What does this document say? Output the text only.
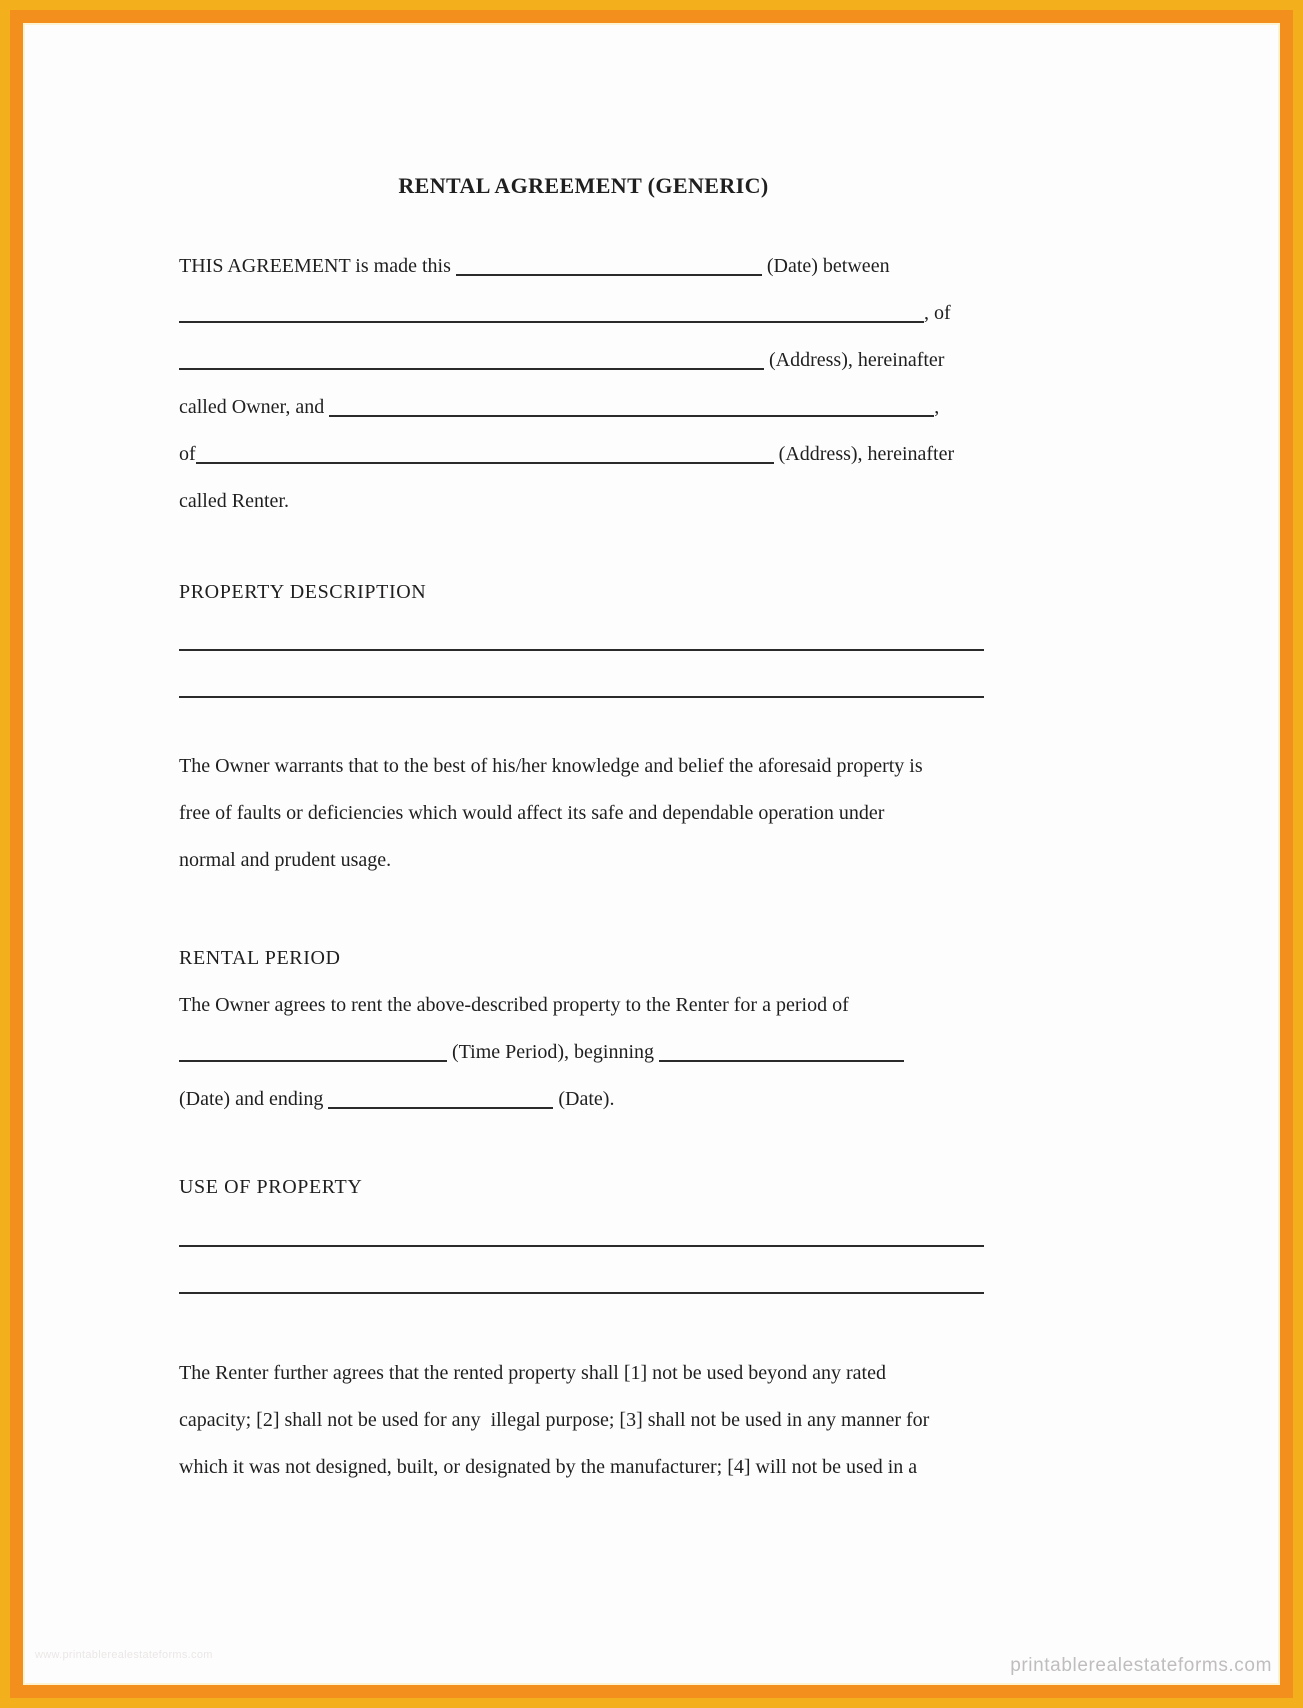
RENTAL AGREEMENT (GENERIC)
THIS AGREEMENT is made this	(Date) between
, of
(Address), hereinafter
called Owner, and	,
of	(Address), hereinafter
called Renter.
PROPERTY DESCRIPTION
The Owner warrants that to the best of his/her knowledge and belief the aforesaid property is
free of faults or deficiencies which would affect its safe and dependable operation under
normal and prudent usage.
RENTAL PERIOD
The Owner agrees to rent the above-described property to the Renter for a period of
(Time Period), beginning
(Date) and ending	(Date).
USE OF PROPERTY
The Renter further agrees that the rented property shall [1] not be used beyond any rated
capacity; [2] shall not be used for any  illegal purpose; [3] shall not be used in any manner for
which it was not designed, built, or designated by the manufacturer; [4] will not be used in a
www.printablerealestateforms.com	printablerealestateforms.com
